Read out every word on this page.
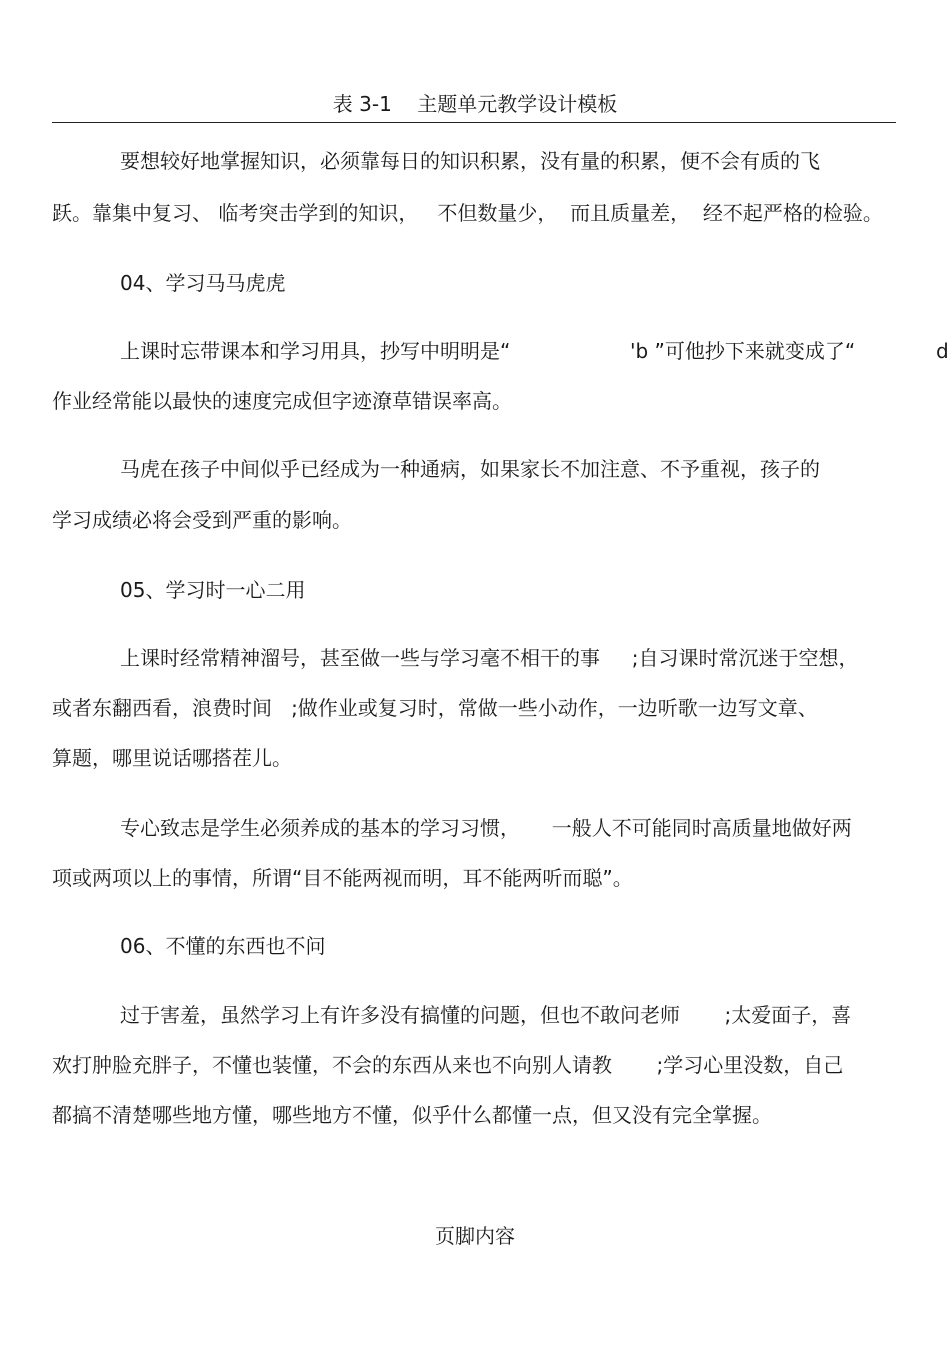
表 3-1    主题单元教学设计模板
要想较好地掌握知识，必须靠每日的知识积累，没有量的积累，便不会有质的飞
跃。靠集中复习、 临考突击学到的知识，   不但数量少，  而且质量差，  经不起严格的检验。
04、学习马马虎虎
上课时忘带课本和学习用具，抄写中明明是“	'b ”可他抄下来就变成了“	d
作业经常能以最快的速度完成但字迹潦草错误率高。
马虎在孩子中间似乎已经成为一种通病，如果家长不加注意、不予重视，孩子的
学习成绩必将会受到严重的影响。
05、学习时一心二用
上课时经常精神溜号，甚至做一些与学习毫不相干的事     ;自习课时常沉迷于空想，
或者东翻西看，浪费时间   ;做作业或复习时，常做一些小动作，一边听歌一边写文章、
算题，哪里说话哪搭茬儿。
专心致志是学生必须养成的基本的学习习惯，     一般人不可能同时高质量地做好两
项或两项以上的事情，所谓“目不能两视而明，耳不能两听而聪”。
06、不懂的东西也不问
过于害羞，虽然学习上有许多没有搞懂的问题，但也不敢问老师       ;太爱面子，喜
欢打肿脸充胖子，不懂也装懂，不会的东西从来也不向别人请教       ;学习心里没数，自己
都搞不清楚哪些地方懂，哪些地方不懂，似乎什么都懂一点，但又没有完全掌握。
页脚内容
